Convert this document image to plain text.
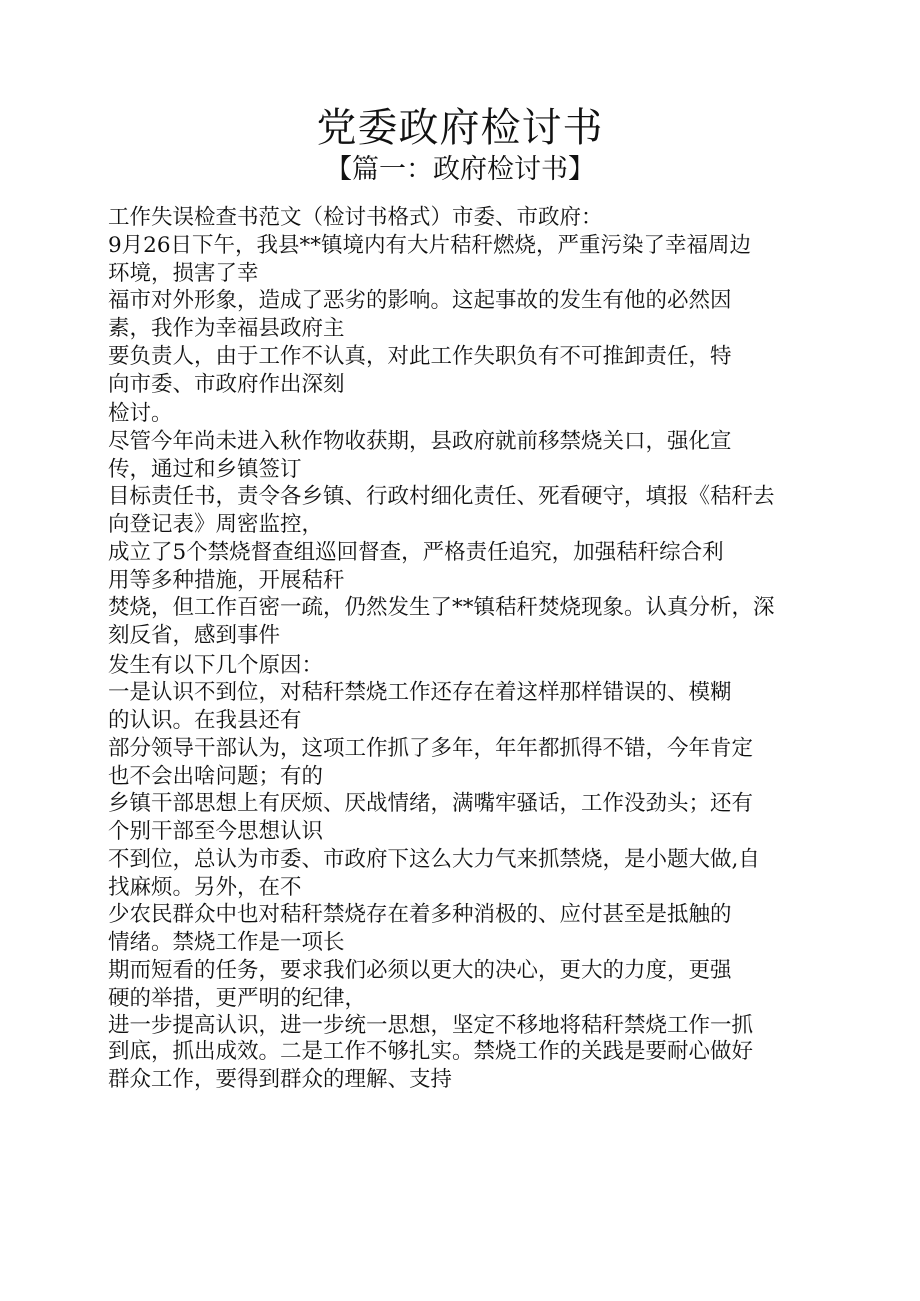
党委政府检讨书
【篇一：政府检讨书】
工作失误检查书范文（检讨书格式）市委、市政府：
9月26日下午，我县**镇境内有大片秸秆燃烧，严重污染了幸福周边
环境，损害了幸
福市对外形象，造成了恶劣的影响。这起事故的发生有他的必然因
素，我作为幸福县政府主
要负责人，由于工作不认真，对此工作失职负有不可推卸责任，特
向市委、市政府作出深刻
检讨。
尽管今年尚未进入秋作物收获期，县政府就前移禁烧关口，强化宣
传，通过和乡镇签订
目标责任书，责令各乡镇、行政村细化责任、死看硬守，填报《秸秆去
向登记表》周密监控，
成立了5个禁烧督查组巡回督查，严格责任追究，加强秸秆综合利
用等多种措施，开展秸秆
焚烧，但工作百密一疏，仍然发生了**镇秸秆焚烧现象。认真分析，深
刻反省，感到事件
发生有以下几个原因：
一是认识不到位，对秸秆禁烧工作还存在着这样那样错误的、模糊
的认识。在我县还有
部分领导干部认为，这项工作抓了多年，年年都抓得不错，今年肯定
也不会出啥问题；有的
乡镇干部思想上有厌烦、厌战情绪，满嘴牢骚话，工作没劲头；还有
个别干部至今思想认识
不到位，总认为市委、市政府下这么大力气来抓禁烧，是小题大做,自
找麻烦。另外，在不
少农民群众中也对秸秆禁烧存在着多种消极的、应付甚至是抵触的
情绪。禁烧工作是一项长
期而短看的任务，要求我们必须以更大的决心，更大的力度，更强
硬的举措，更严明的纪律，
进一步提高认识，进一步统一思想，坚定不移地将秸秆禁烧工作一抓
到底，抓出成效。二是工作不够扎实。禁烧工作的关践是要耐心做好
群众工作，要得到群众的理解、支持
